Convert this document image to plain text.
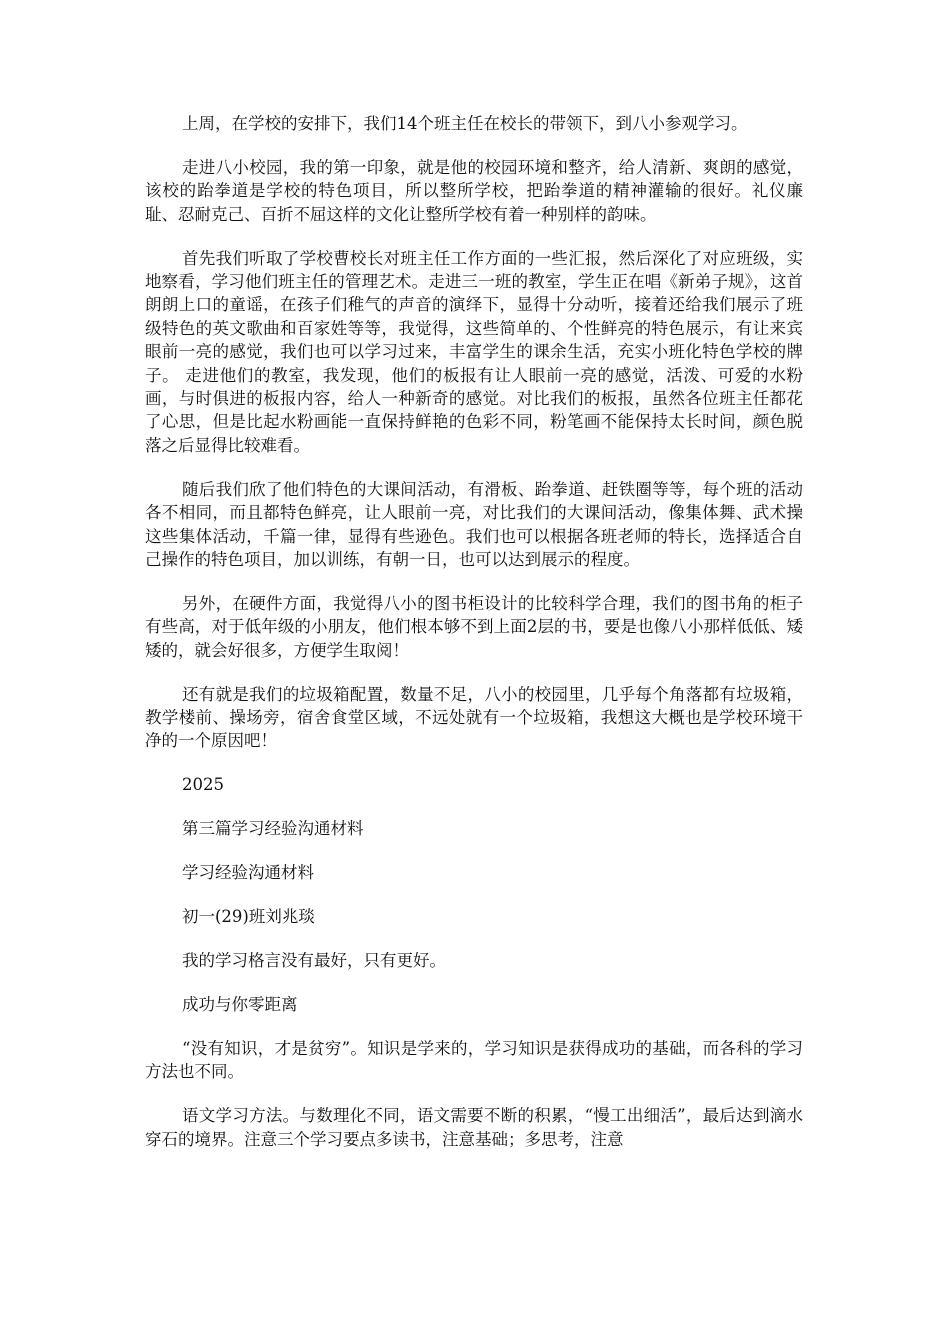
上周，在学校的安排下，我们14个班主任在校长的带领下，到八小参观学习。

走进八小校园，我的第一印象，就是他的校园环境和整齐，给人清新、爽朗的感觉，该校的跆拳道是学校的特色项目，所以整所学校，把跆拳道的精神灌输的很好。礼仪廉耻、忍耐克己、百折不屈这样的文化让整所学校有着一种别样的韵味。

首先我们听取了学校曹校长对班主任工作方面的一些汇报，然后深化了对应班级，实地察看，学习他们班主任的管理艺术。走进三一班的教室，学生正在唱《新弟子规》，这首朗朗上口的童谣，在孩子们稚气的声音的演绎下，显得十分动听，接着还给我们展示了班级特色的英文歌曲和百家姓等等，我觉得，这些简单的、个性鲜亮的特色展示，有让来宾眼前一亮的感觉，我们也可以学习过来，丰富学生的课余生活，充实小班化特色学校的牌子。 走进他们的教室，我发现，他们的板报有让人眼前一亮的感觉，活泼、可爱的水粉画，与时俱进的板报内容，给人一种新奇的感觉。对比我们的板报，虽然各位班主任都花了心思，但是比起水粉画能一直保持鲜艳的色彩不同，粉笔画不能保持太长时间，颜色脱落之后显得比较难看。

随后我们欣了他们特色的大课间活动，有滑板、跆拳道、赶铁圈等等，每个班的活动各不相同，而且都特色鲜亮，让人眼前一亮，对比我们的大课间活动，像集体舞、武术操这些集体活动，千篇一律，显得有些逊色。我们也可以根据各班老师的特长，选择适合自己操作的特色项目，加以训练，有朝一日，也可以达到展示的程度。

另外，在硬件方面，我觉得八小的图书柜设计的比较科学合理，我们的图书角的柜子有些高，对于低年级的小朋友，他们根本够不到上面2层的书，要是也像八小那样低低、矮矮的，就会好很多，方便学生取阅！

还有就是我们的垃圾箱配置，数量不足，八小的校园里，几乎每个角落都有垃圾箱，教学楼前、操场旁，宿舍食堂区域，不远处就有一个垃圾箱，我想这大概也是学校环境干净的一个原因吧！

2025

第三篇学习经验沟通材料

学习经验沟通材料

初一(29)班刘兆琰

我的学习格言没有最好，只有更好。

成功与你零距离

“没有知识，才是贫穷”。知识是学来的，学习知识是获得成功的基础，而各科的学习方法也不同。

语文学习方法。与数理化不同，语文需要不断的积累，“慢工出细活”，最后达到滴水穿石的境界。注意三个学习要点多读书，注意基础；多思考，注意
